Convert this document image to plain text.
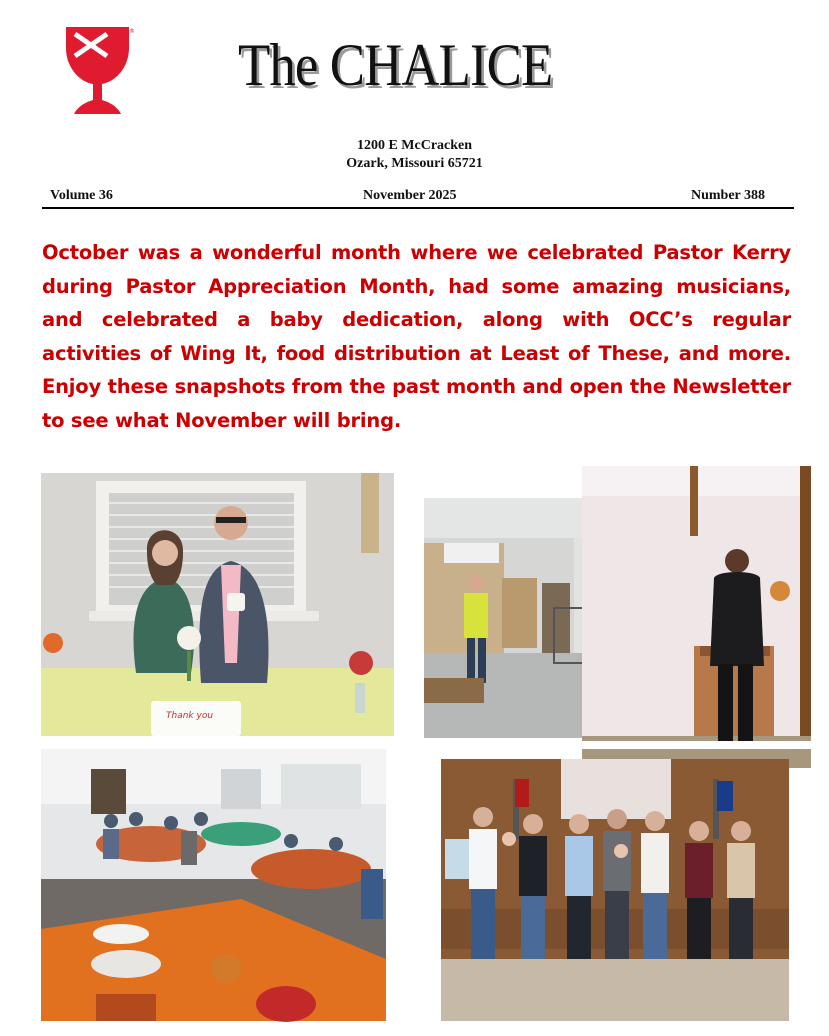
®
The CHALICE
1200 E McCracken
Ozark, Missouri 65721
Volume 36	November 2025	Number 388
October was a wonderful month where we celebrated Pastor Kerry during Pastor Appreciation Month, had some amazing musicians, and celebrated a baby dedication, along with OCC’s regular activities of Wing It, food distribution at Least of These, and more. Enjoy these snapshots from the past month and open the Newsletter to see what November will bring.
Thank you
